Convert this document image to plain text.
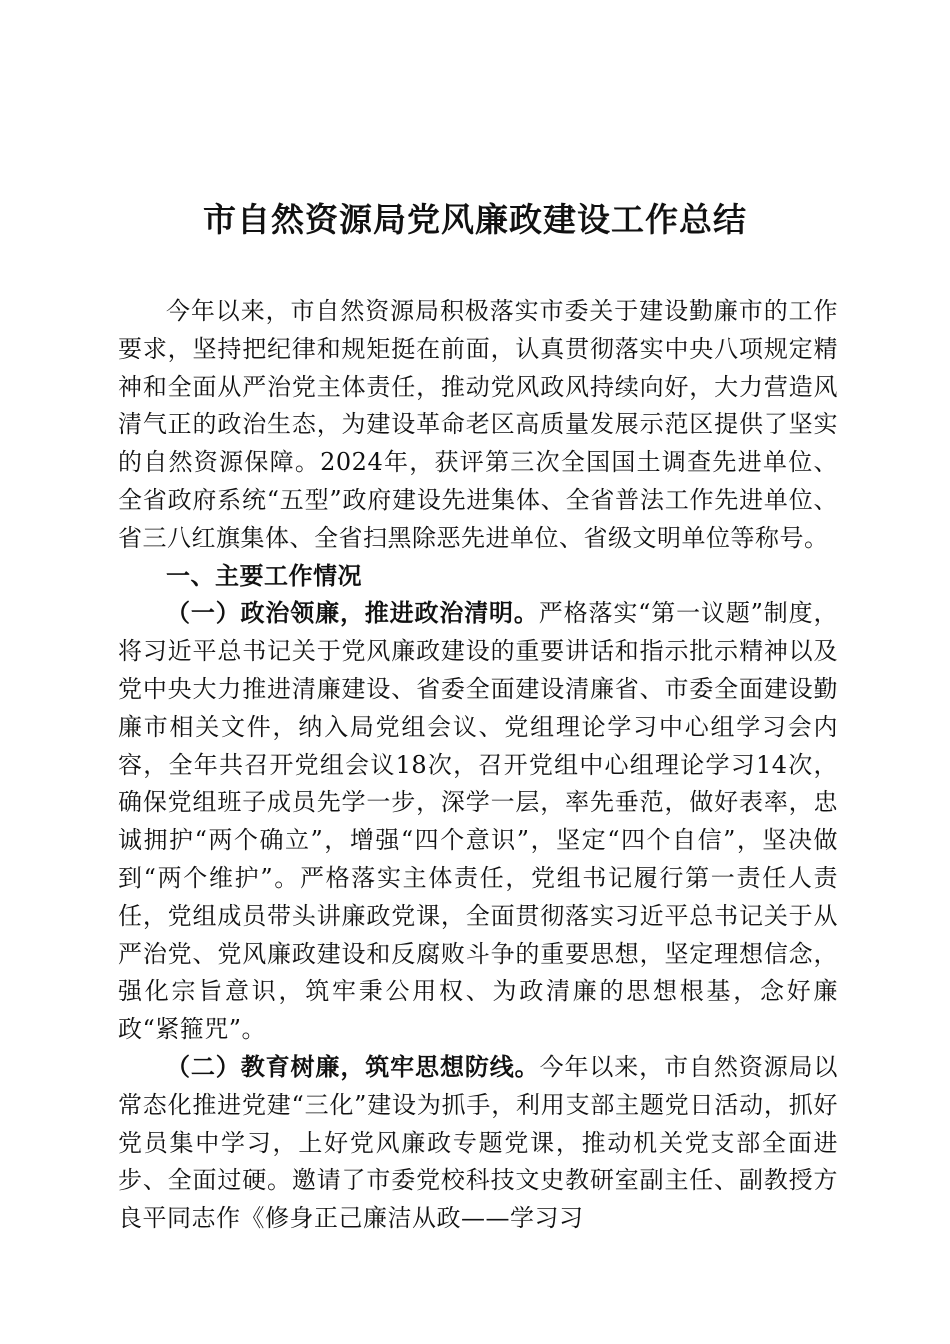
市自然资源局党风廉政建设工作总结

今年以来，市自然资源局积极落实市委关于建设勤廉市的工作要求，坚持把纪律和规矩挺在前面，认真贯彻落实中央八项规定精神和全面从严治党主体责任，推动党风政风持续向好，大力营造风清气正的政治生态，为建设革命老区高质量发展示范区提供了坚实的自然资源保障。2024年，获评第三次全国国土调查先进单位、全省政府系统“五型”政府建设先进集体、全省普法工作先进单位、省三八红旗集体、全省扫黑除恶先进单位、省级文明单位等称号。

一、主要工作情况

（一）政治领廉，推进政治清明。严格落实“第一议题”制度，将习近平总书记关于党风廉政建设的重要讲话和指示批示精神以及党中央大力推进清廉建设、省委全面建设清廉省、市委全面建设勤廉市相关文件，纳入局党组会议、党组理论学习中心组学习会内容，全年共召开党组会议18次，召开党组中心组理论学习14次，确保党组班子成员先学一步，深学一层，率先垂范，做好表率，忠诚拥护“两个确立”，增强“四个意识”，坚定“四个自信”，坚决做到“两个维护”。严格落实主体责任，党组书记履行第一责任人责任，党组成员带头讲廉政党课，全面贯彻落实习近平总书记关于从严治党、党风廉政建设和反腐败斗争的重要思想，坚定理想信念，强化宗旨意识，筑牢秉公用权、为政清廉的思想根基，念好廉政“紧箍咒”。

（二）教育树廉，筑牢思想防线。今年以来，市自然资源局以常态化推进党建“三化”建设为抓手，利用支部主题党日活动，抓好党员集中学习，上好党风廉政专题党课，推动机关党支部全面进步、全面过硬。邀请了市委党校科技文史教研室副主任、副教授方良平同志作《修身正己廉洁从政——学习习
